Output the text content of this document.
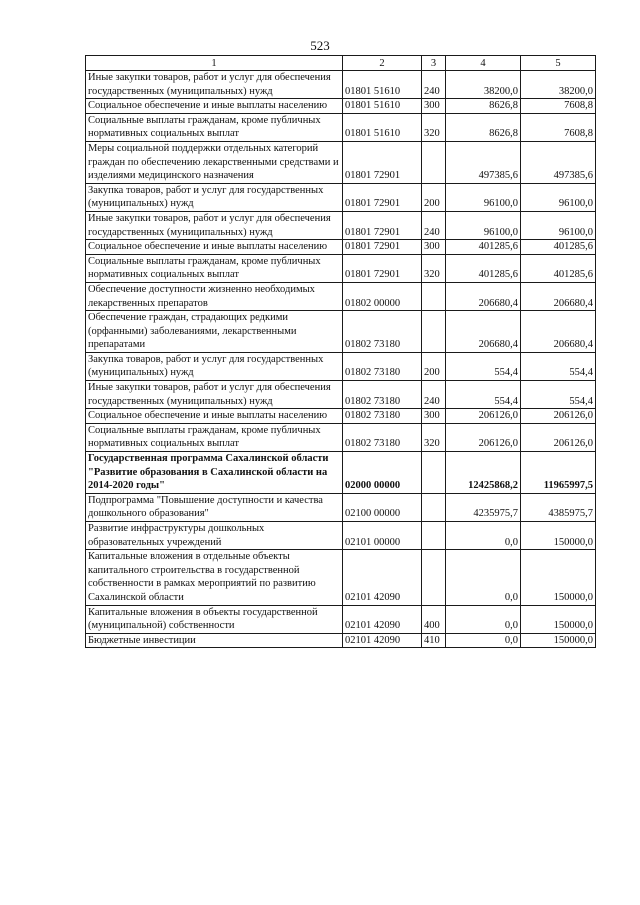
523
1	2	3	4	5
Иные закупки товаров, работ и услуг для обеспечения государственных (муниципальных) нужд	01801 51610	240	38200,0	38200,0
Социальное обеспечение и иные выплаты населению	01801 51610	300	8626,8	7608,8
Социальные выплаты гражданам, кроме публичных нормативных социальных выплат	01801 51610	320	8626,8	7608,8
Меры социальной поддержки отдельных категорий граждан по обеспечению лекарственными средствами и изделиями медицинского назначения	01801 72901		497385,6	497385,6
Закупка товаров, работ и услуг для государственных (муниципальных) нужд	01801 72901	200	96100,0	96100,0
Иные закупки товаров, работ и услуг для обеспечения государственных (муниципальных) нужд	01801 72901	240	96100,0	96100,0
Социальное обеспечение и иные выплаты населению	01801 72901	300	401285,6	401285,6
Социальные выплаты гражданам, кроме публичных нормативных социальных выплат	01801 72901	320	401285,6	401285,6
Обеспечение доступности жизненно необходимых лекарственных препаратов	01802 00000		206680,4	206680,4
Обеспечение граждан, страдающих редкими (орфанными) заболеваниями, лекарственными препаратами	01802 73180		206680,4	206680,4
Закупка товаров, работ и услуг для государственных (муниципальных) нужд	01802 73180	200	554,4	554,4
Иные закупки товаров, работ и услуг для обеспечения государственных (муниципальных) нужд	01802 73180	240	554,4	554,4
Социальное обеспечение и иные выплаты населению	01802 73180	300	206126,0	206126,0
Социальные выплаты гражданам, кроме публичных нормативных социальных выплат	01802 73180	320	206126,0	206126,0
Государственная программа Сахалинской области "Развитие образования в Сахалинской области на 2014-2020 годы"	02000 00000		12425868,2	11965997,5
Подпрограмма "Повышение доступности и качества дошкольного образования"	02100 00000		4235975,7	4385975,7
Развитие инфраструктуры дошкольных образовательных учреждений	02101 00000		0,0	150000,0
Капитальные вложения в отдельные объекты капитального строительства в государственной собственности в рамках мероприятий по развитию Сахалинской области	02101 42090		0,0	150000,0
Капитальные вложения в объекты государственной (муниципальной) собственности	02101 42090	400	0,0	150000,0
Бюджетные инвестиции	02101 42090	410	0,0	150000,0
